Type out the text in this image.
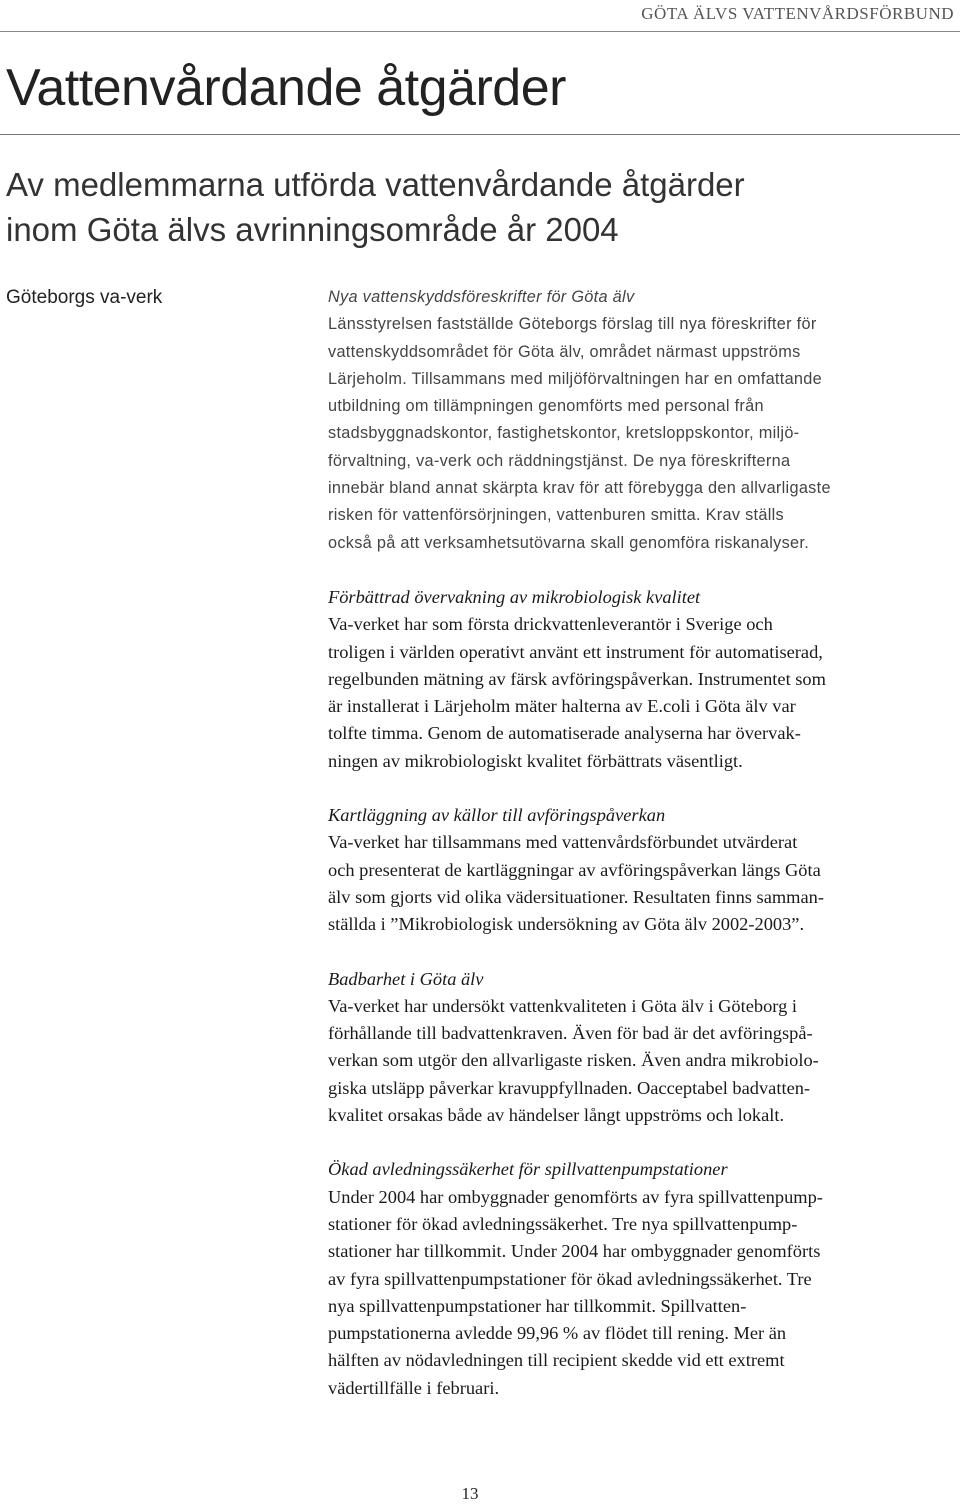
GÖTA ÄLVS VATTENVÅRDSFÖRBUND

Vattenvårdande åtgärder
Av medlemmarna utförda vattenvårdande åtgärder
inom Göta älvs avrinningsområde år 2004

Göteborgs va-verk	Nya vattenskyddsföreskrifter för Göta älv

Länsstyrelsen fastställde Göteborgs förslag till nya föreskrifter för

vattenskyddsområdet för Göta älv, området närmast uppströms

Lärjeholm. Tillsammans med miljöförvaltningen har en omfattande

utbildning om tillämpningen genomförts med personal från

stadsbyggnadskontor, fastighetskontor, kretsloppskontor, miljö-

förvaltning, va-verk och räddningstjänst. De nya föreskrifterna

innebär bland annat skärpta krav för att förebygga den allvarligaste

risken för vattenförsörjningen, vattenburen smitta. Krav ställs

också på att verksamhetsutövarna skall genomföra riskanalyser.

Förbättrad övervakning av mikrobiologisk kvalitet

Va-verket har som första drickvattenleverantör i Sverige och

troligen i världen operativt använt ett instrument för automatiserad,

regelbunden mätning av färsk avföringspåverkan. Instrumentet som

är installerat i Lärjeholm mäter halterna av E.coli i Göta älv var

tolfte timma. Genom de automatiserade analyserna har övervak-

ningen av mikrobiologiskt kvalitet förbättrats väsentligt.

Kartläggning av källor till avföringspåverkan

Va-verket har tillsammans med vattenvårdsförbundet utvärderat

och presenterat de kartläggningar av avföringspåverkan längs Göta

älv som gjorts vid olika vädersituationer. Resultaten finns samman-

ställda i ”Mikrobiologisk undersökning av Göta älv 2002-2003”.

Badbarhet i Göta älv

Va-verket har undersökt vattenkvaliteten i Göta älv i Göteborg i

förhållande till badvattenkraven. Även för bad är det avföringspå-

verkan som utgör den allvarligaste risken. Även andra mikrobiolo-

giska utsläpp påverkar kravuppfyllnaden. Oacceptabel badvatten-

kvalitet orsakas både av händelser långt uppströms och lokalt.

Ökad avledningssäkerhet för spillvattenpumpstationer

Under 2004 har ombyggnader genomförts av fyra spillvattenpump-

stationer för ökad avledningssäkerhet. Tre nya spillvattenpump-

stationer har tillkommit. Under 2004 har ombyggnader genomförts

av fyra spillvattenpumpstationer för ökad avledningssäkerhet. Tre

nya spillvattenpumpstationer har tillkommit. Spillvatten-

pumpstationerna avledde 99,96 % av flödet till rening. Mer än

hälften av nödavledningen till recipient skedde vid ett extremt

vädertillfälle i februari.

13
